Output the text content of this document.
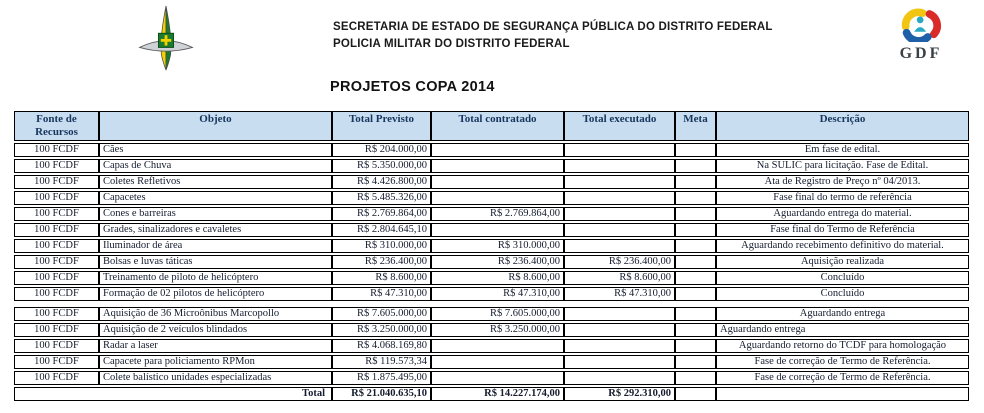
SECRETARIA DE ESTADO DE SEGURANÇA PÚBLICA DO DISTRITO FEDERAL
POLICIA MILITAR DO DISTRITO FEDERAL
GDF
PROJETOS COPA 2014
Fonte de Recursos	Objeto	Total Previsto	Total contratado	Total executado	Meta	Descrição
100 FCDF	Cães	R$ 204.000,00				Em fase de edital.
100 FCDF	Capas de Chuva	R$ 5.350.000,00				Na SULIC para licitação. Fase de Edital.
100 FCDF	Coletes Refletivos	R$ 4.426.800,00				Ata de Registro de Preço nº 04/2013.
100 FCDF	Capacetes	R$ 5.485.326,00				Fase final do termo de referência
100 FCDF	Cones e barreiras	R$ 2.769.864,00	R$ 2.769.864,00			Aguardando entrega do material.
100 FCDF	Grades, sinalizadores e cavaletes	R$ 2.804.645,10				Fase final do Termo de Referência
100 FCDF	Iluminador de área	R$ 310.000,00	R$ 310.000,00			Aguardando recebimento definitivo do material.
100 FCDF	Bolsas e luvas táticas	R$ 236.400,00	R$ 236.400,00	R$ 236.400,00		Aquisição realizada
100 FCDF	Treinamento de piloto de helicóptero	R$ 8.600,00	R$ 8.600,00	R$ 8.600,00		Concluído
100 FCDF	Formação de 02 pilotos de helicóptero	R$ 47.310,00	R$ 47.310,00	R$ 47.310,00		Concluído

100 FCDF	Aquisição de 36 Microônibus Marcopollo	R$ 7.605.000,00	R$ 7.605.000,00			Aguardando entrega
100 FCDF	Aquisição de 2 veículos blindados	R$ 3.250.000,00	R$ 3.250.000,00			Aguardando entrega
100 FCDF	Radar a laser	R$ 4.068.169,80				Aguardando retorno do TCDF para homologação
100 FCDF	Capacete para policiamento RPMon	R$ 119.573,34				Fase de correção de Termo de Referência.
100 FCDF	Colete balístico unidades especializadas	R$ 1.875.495,00				Fase de correção de Termo de Referência.
Total		R$ 21.040.635,10	R$ 14.227.174,00	R$ 292.310,00		
